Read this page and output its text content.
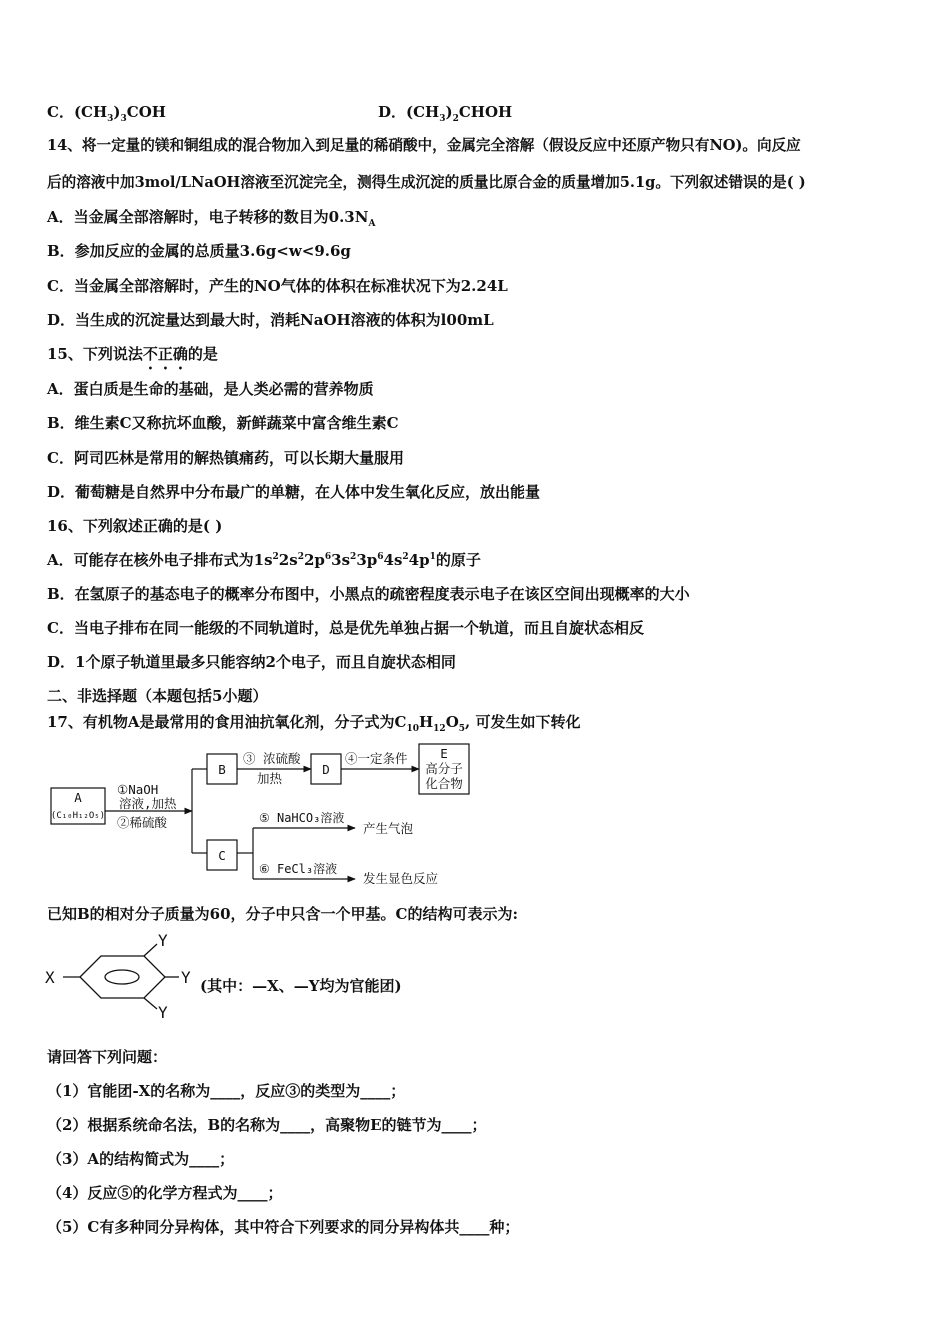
C．$(CH_3)_3COH$	D．$(CH_3)_2CHOH$
14、将一定量的镁和铜组成的混合物加入到足量的稀硝酸中，金属完全溶解（假设反应中还原产物只有NO)。向反应
后的溶液中加3mol/LNaOH溶液至沉淀完全，测得生成沉淀的质量比原合金的质量增加5.1g。下列叙述错误的是( )
A．当金属全部溶解时，电子转移的数目为$0.3N_A$
B．参加反应的金属的总质量3.6g<w<9.6g
C．当金属全部溶解时，产生的NO气体的体积在标准状况下为2.24L
D．当生成的沉淀量达到最大时，消耗NaOH溶液的体积为l00mL
15、下列说法不正确的是
A．蛋白质是生命的基础，是人类必需的营养物质
B．维生素C又称抗坏血酸，新鲜蔬菜中富含维生素C
C．阿司匹林是常用的解热镇痛药，可以长期大量服用
D．葡萄糖是自然界中分布最广的单糖，在人体中发生氧化反应，放出能量
16、下列叙述正确的是( )
A．可能存在核外电子排布式为$1s^22s^22p^63s^23p^64s^24p^1$的原子
B．在氢原子的基态电子的概率分布图中，小黑点的疏密程度表示电子在该区空间出现概率的大小
C．当电子排布在同一能级的不同轨道时，总是优先单独占据一个轨道，而且自旋状态相反
D．1个原子轨道里最多只能容纳2个电子，而且自旋状态相同
二、非选择题（本题包括5小题）
17、有机物A是最常用的食用油抗氧化剂，分子式为$C_{10}H_{12}O_5$, 可发生如下转化
A
(C₁₀H₁₂O₅)
①NaOH
溶液,加热
②稀硫酸
B
C
D
③ 浓硫酸
加热
④一定条件	E
高分子
化合物
⑤ NaHCO₃溶液
产生气泡
⑥ FeCl₃溶液
发生显色反应
已知B的相对分子质量为60，分子中只含一个甲基。C的结构可表示为:
X
Y
Y
Y
(其中：—X、—Y均为官能团)
请回答下列问题：
（1）官能团-X的名称为____，反应③的类型为____；
（2）根据系统命名法，B的名称为____，高聚物E的链节为____；
（3）A的结构简式为____；
（4）反应⑤的化学方程式为____；
（5）C有多种同分异构体，其中符合下列要求的同分异构体共____种；
